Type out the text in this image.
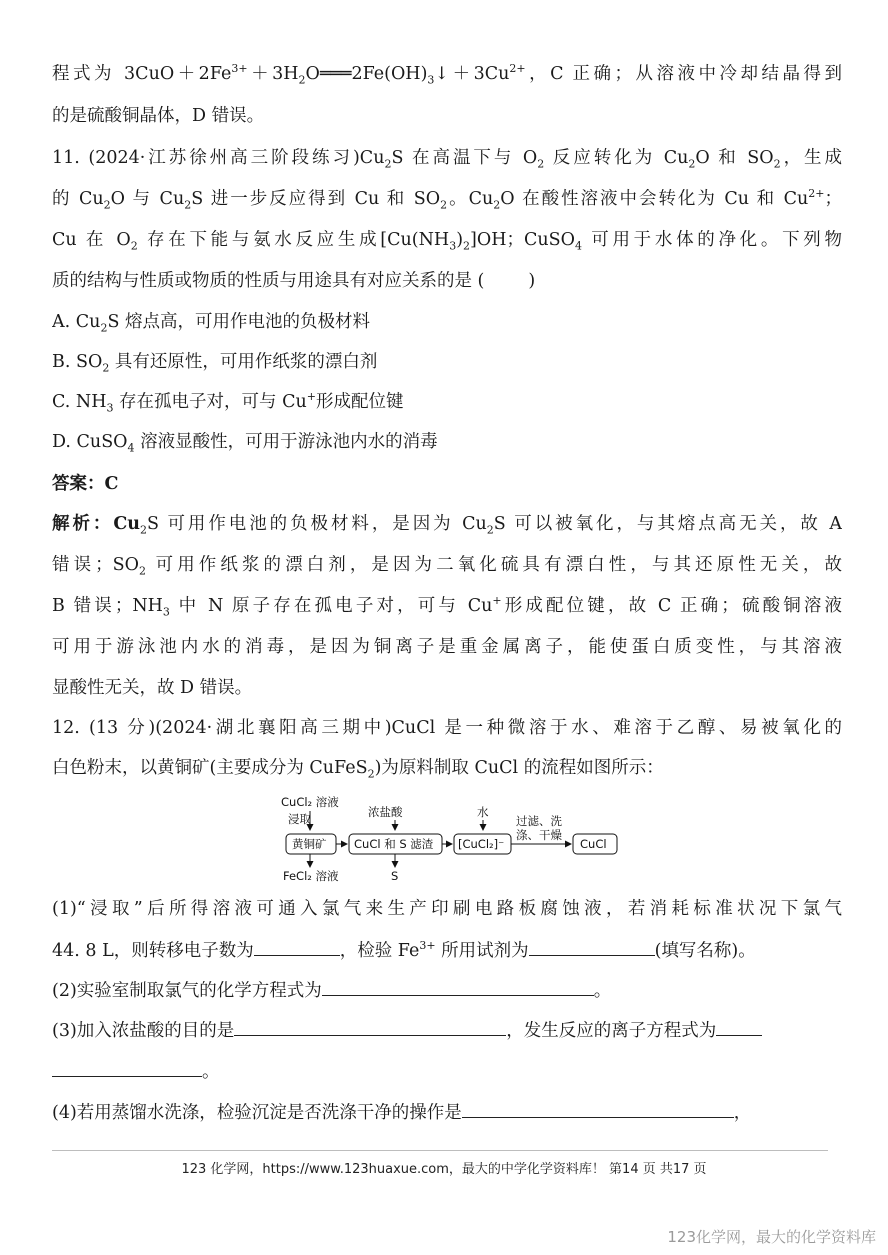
程式为 $3CuO+2Fe^{3+}+3H_2O═══2Fe(OH)_3↓+3Cu^{2+}$，C 正确；从溶液中冷却结晶得到
的是硫酸铜晶体，D 错误。
11. (2024·江苏徐州高三阶段练习)$Cu_2S$ 在高温下与 $O_2$ 反应转化为 $Cu_2O$ 和 $SO_2$，生成
的 $Cu_2O$ 与 $Cu_2S$ 进一步反应得到 Cu 和 $SO_2$。$Cu_2O$ 在酸性溶液中会转化为 Cu 和 $Cu^{2+}$；
Cu 在 $O_2$ 存在下能与氨水反应生成$[Cu(NH_3)_2]OH$；CuSO$_4$ 可用于水体的净化。下列物
质的结构与性质或物质的性质与用途具有对应关系的是 (	)
A. $Cu_2S$ 熔点高，可用作电池的负极材料
B. $SO_2$ 具有还原性，可用作纸浆的漂白剂
C. $NH_3$ 存在孤电子对，可与 Cu+形成配位键
D. CuSO$_4$ 溶液显酸性，可用于游泳池内水的消毒
答案：C
解析：$Cu_2S$ 可用作电池的负极材料，是因为 $Cu_2S$ 可以被氧化，与其熔点高无关，故 A
错误；$SO_2$ 可用作纸浆的漂白剂，是因为二氧化硫具有漂白性，与其还原性无关，故
B 错误；$NH_3$ 中 N 原子存在孤电子对，可与 Cu+形成配位键，故 C 正确；硫酸铜溶液
可用于游泳池内水的消毒，是因为铜离子是重金属离子，能使蛋白质变性，与其溶液
显酸性无关，故 D 错误。
12. (13 分)(2024·湖北襄阳高三期中)CuCl 是一种微溶于水、难溶于乙醇、易被氧化的
白色粉末，以黄铜矿(主要成分为 CuFeS$_2$)为原料制取 CuCl 的流程如图所示：
CuCl₂ 溶液
浸取
黄铜矿
FeCl₂ 溶液
浓盐酸
CuCl 和 S 滤渣
S
水
[CuCl₂]⁻
过滤、洗
涤、干燥
CuCl
(1)“浸取”后所得溶液可通入氯气来生产印刷电路板腐蚀液，若消耗标准状况下氯气
44. 8 L，则转移电子数为	，检验 $Fe^{3+}$ 所用试剂为	(填写名称)。
(2)实验室制取氯气的化学方程式为	。
(3)加入浓盐酸的目的是	，发生反应的离子方程式为
。
(4)若用蒸馏水洗涤，检验沉淀是否洗涤干净的操作是	，
123 化学网，https://www.123huaxue.com，最大的中学化学资料库！ 第14 页 共17 页
123化学网，最大的化学资料库
